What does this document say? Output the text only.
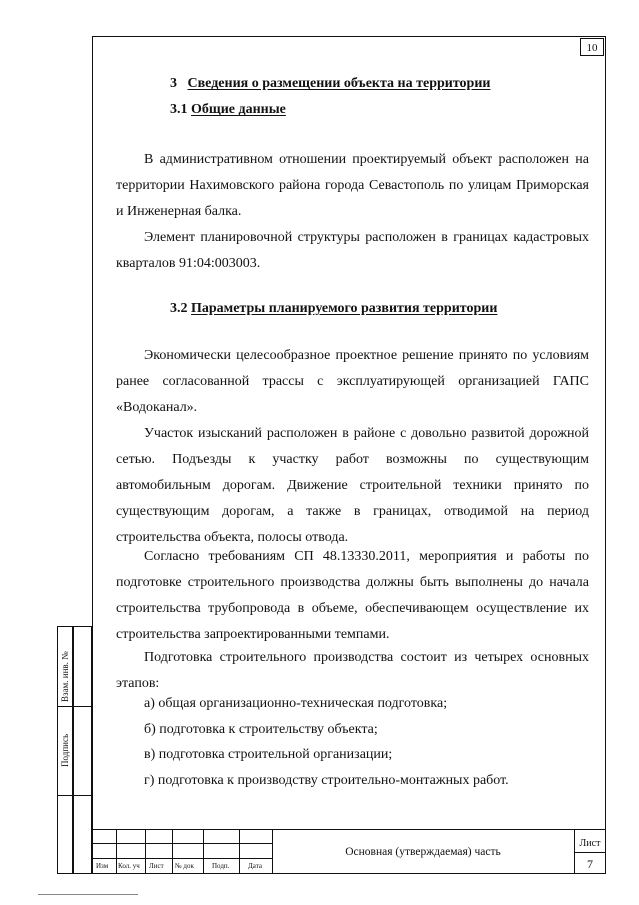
10
3 Сведения о размещении объекта на территории
3.1 Общие данные
В административном отношении проектируемый объект расположен на территории Нахимовского района города Севастополь по улицам Приморская и Инженерная балка.
Элемент планировочной структуры расположен в границах кадастровых кварталов 91:04:003003.
3.2 Параметры планируемого развития территории
Экономически целесообразное проектное решение принято по условиям ранее согласованной трассы с эксплуатирующей организацией ГАПС «Водоканал».
Участок изысканий расположен в районе с довольно развитой дорожной сетью. Подъезды к участку работ возможны по существующим автомобильным дорогам. Движение строительной техники принято по существующим дорогам, а также в границах, отводимой на период строительства объекта, полосы отвода.
Согласно требованиям СП 48.13330.2011, мероприятия и работы по подготовке строительного производства должны быть выполнены до начала строительства трубопровода в объеме, обеспечивающем осуществление их строительства запроектированными темпами.
Подготовка строительного производства состоит из четырех основных этапов:
а) общая организационно-техническая подготовка;
б) подготовка к строительству объекта;
в) подготовка строительной организации;
г) подготовка к производству строительно-монтажных работ.
Взам. инв. №
Подпись
Изм Кол. уч Лист № док	Подп.	Дата
Основная (утверждаемая) часть
Лист
7
